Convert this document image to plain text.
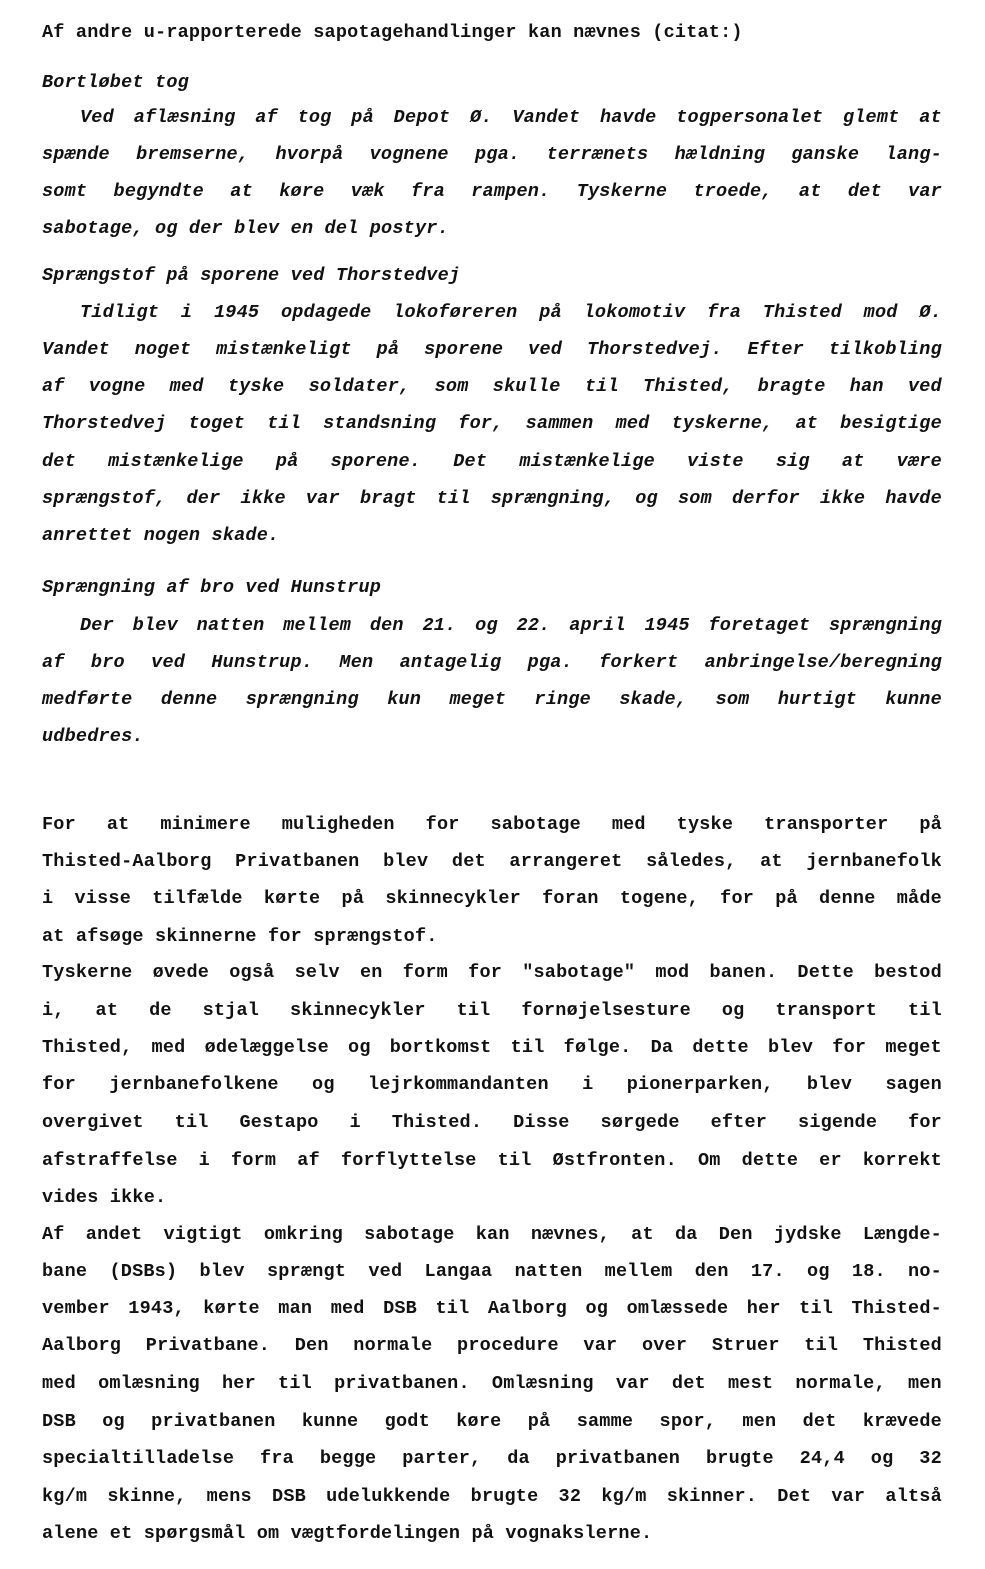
Af andre u-rapporterede sapotagehandlinger kan nævnes (citat:)
Bortløbet tog
Ved aflæsning af tog på Depot Ø. Vandet havde togpersonalet glemt at
spænde bremserne, hvorpå vognene pga. terrænets hældning ganske lang-
somt begyndte at køre væk fra rampen. Tyskerne troede, at det var
sabotage, og der blev en del postyr.
Sprængstof på sporene ved Thorstedvej
Tidligt i 1945 opdagede lokoføreren på lokomotiv fra Thisted mod Ø.
Vandet noget mistænkeligt på sporene ved Thorstedvej. Efter tilkobling
af vogne med tyske soldater, som skulle til Thisted, bragte han ved
Thorstedvej toget til standsning for, sammen med tyskerne, at besigtige
det mistænkelige på sporene. Det mistænkelige viste sig at være
sprængstof, der ikke var bragt til sprængning, og som derfor ikke havde
anrettet nogen skade.
Sprængning af bro ved Hunstrup
Der blev natten mellem den 21. og 22. april 1945 foretaget sprængning
af bro ved Hunstrup. Men antagelig pga. forkert anbringelse/beregning
medførte denne sprængning kun meget ringe skade, som hurtigt kunne
udbedres.
For at minimere muligheden for sabotage med tyske transporter på
Thisted-Aalborg Privatbanen blev det arrangeret således, at jernbanefolk
i visse tilfælde kørte på skinnecykler foran togene, for på denne måde
at afsøge skinnerne for sprængstof.
Tyskerne øvede også selv en form for "sabotage" mod banen. Dette bestod
i, at de stjal skinnecykler til fornøjelsesture og transport til
Thisted, med ødelæggelse og bortkomst til følge. Da dette blev for meget
for jernbanefolkene og lejrkommandanten i pionerparken, blev sagen
overgivet til Gestapo i Thisted. Disse sørgede efter sigende for
afstraffelse i form af forflyttelse til Østfronten. Om dette er korrekt
vides ikke.
Af andet vigtigt omkring sabotage kan nævnes, at da Den jydske Længde-
bane (DSBs) blev sprængt ved Langaa natten mellem den 17. og 18. no-
vember 1943, kørte man med DSB til Aalborg og omlæssede her til Thisted-
Aalborg Privatbane. Den normale procedure var over Struer til Thisted
med omlæsning her til privatbanen. Omlæsning var det mest normale, men
DSB og privatbanen kunne godt køre på samme spor, men det krævede
specialtilladelse fra begge parter, da privatbanen brugte 24,4 og 32
kg/m skinne, mens DSB udelukkende brugte 32 kg/m skinner. Det var altså
alene et spørgsmål om vægtfordelingen på vognakslerne.
